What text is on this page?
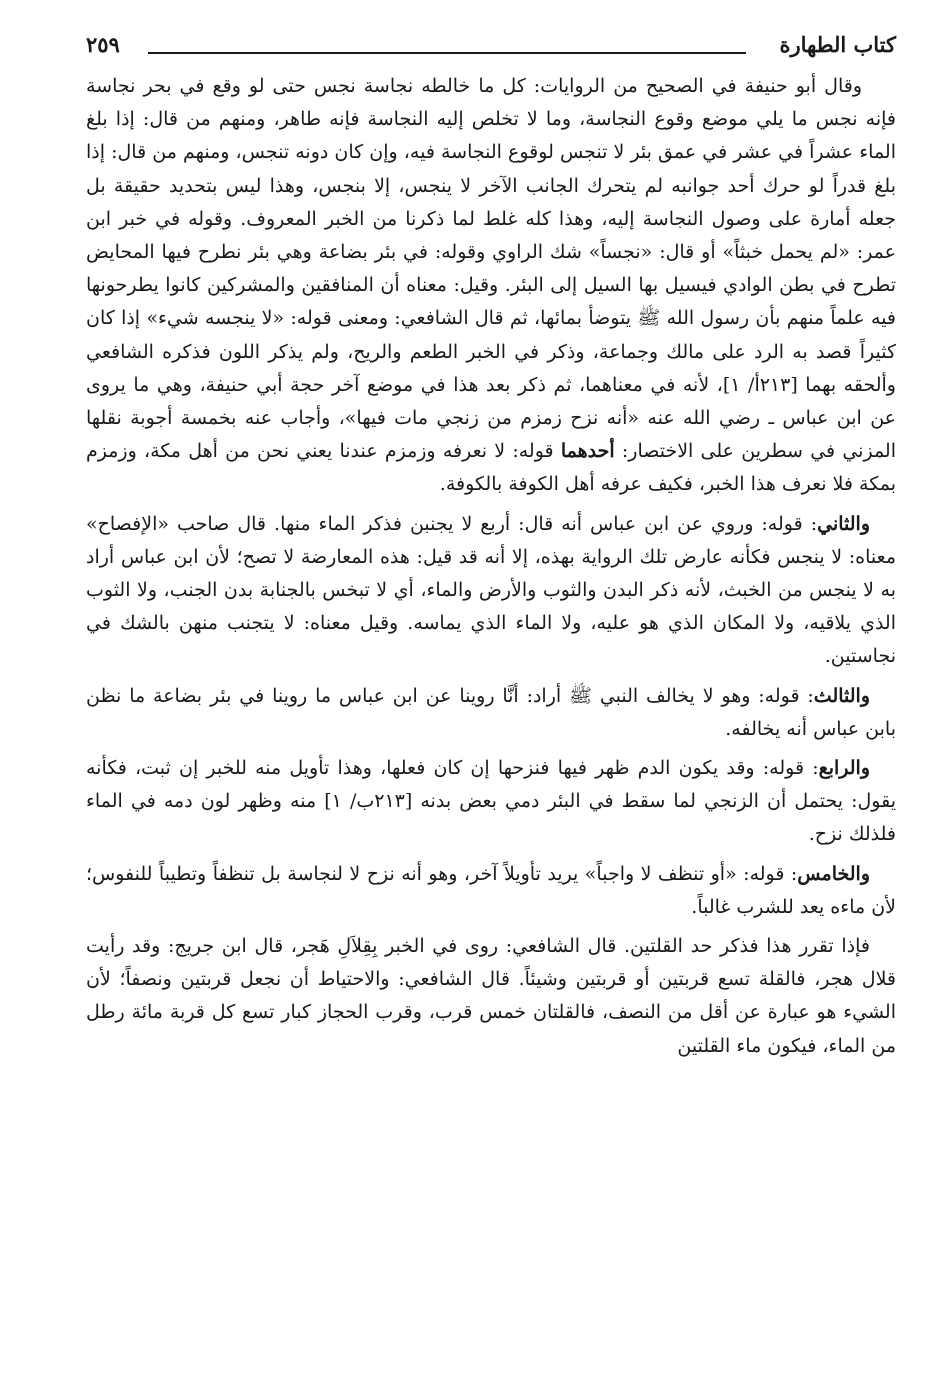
كتاب الطهارة
٢٥٩

وقال أبو حنيفة في الصحيح من الروايات: كل ما خالطه نجاسة نجس حتى لو وقع في بحر نجاسة فإنه نجس ما يلي موضع وقوع النجاسة، وما لا تخلص إليه النجاسة فإنه طاهر، ومنهم من قال: إذا بلغ الماء عشراً في عشر في عمق بئر لا تنجس لوقوع النجاسة فيه، وإن كان دونه تنجس، ومنهم من قال: إذا بلغ قدراً لو حرك أحد جوانبه لم يتحرك الجانب الآخر لا ينجس، إلا بنجس، وهذا ليس بتحديد حقيقة بل جعله أمارة على وصول النجاسة إليه، وهذا كله غلط لما ذكرنا من الخبر المعروف. وقوله في خبر ابن عمر: «لم يحمل خبثاً» أو قال: «نجساً» شك الراوي وقوله: في بئر بضاعة وهي بئر نطرح فيها المحايض تطرح في بطن الوادي فيسيل بها السيل إلى البئر. وقيل: معناه أن المنافقين والمشركين كانوا يطرحونها فيه علماً منهم بأن رسول الله ﷺ يتوضأ بمائها، ثم قال الشافعي: ومعنى قوله: «لا ينجسه شيء» إذا كان كثيراً قصد به الرد على مالك وجماعة، وذكر في الخبر الطعم والريح، ولم يذكر اللون فذكره الشافعي وألحقه بهما [٢١٣أ/ ١]، لأنه في معناهما، ثم ذكر بعد هذا في موضع آخر حجة أبي حنيفة، وهي ما يروى عن ابن عباس ـ رضي الله عنه «أنه نزح زمزم من زنجي مات فيها»، وأجاب عنه بخمسة أجوبة نقلها المزني في سطرين على الاختصار: أحدهما قوله: لا نعرفه وزمزم عندنا يعني نحن من أهل مكة، وزمزم بمكة فلا نعرف هذا الخبر، فكيف عرفه أهل الكوفة بالكوفة.

والثاني: قوله: وروي عن ابن عباس أنه قال: أربع لا يجنبن فذكر الماء منها. قال صاحب «الإفصاح» معناه: لا ينجس فكأنه عارض تلك الرواية بهذه، إلا أنه قد قيل: هذه المعارضة لا تصح؛ لأن ابن عباس أراد به لا ينجس من الخبث، لأنه ذكر البدن والثوب والأرض والماء، أي لا تبخس بالجنابة بدن الجنب، ولا الثوب الذي يلاقيه، ولا المكان الذي هو عليه، ولا الماء الذي يماسه. وقيل معناه: لا يتجنب منهن بالشك في نجاستين.

والثالث: قوله: وهو لا يخالف النبي ﷺ أراد: أنَّا روينا عن ابن عباس ما روينا في بئر بضاعة ما نظن بابن عباس أنه يخالفه.

والرابع: قوله: وقد يكون الدم ظهر فيها فنزحها إن كان فعلها، وهذا تأويل منه للخبر إن ثبت، فكأنه يقول: يحتمل أن الزنجي لما سقط في البئر دمي بعض بدنه [٢١٣ب/ ١] منه وظهر لون دمه في الماء فلذلك نزح.

والخامس: قوله: «أو تنظف لا واجباً» يريد تأويلاً آخر، وهو أنه نزح لا لنجاسة بل تنظفاً وتطيباً للنفوس؛ لأن ماءه يعد للشرب غالباً.

فإذا تقرر هذا فذكر حد القلتين. قال الشافعي: روى في الخبر بِقِلاَلِ هَجر، قال ابن جريج: وقد رأيت قلال هجر، فالقلة تسع قربتين أو قربتين وشيئاً. قال الشافعي: والاحتياط أن نجعل قربتين ونصفاً؛ لأن الشيء هو عبارة عن أقل من النصف، فالقلتان خمس قرب، وقرب الحجاز كبار تسع كل قربة مائة رطل من الماء، فيكون ماء القلتين
